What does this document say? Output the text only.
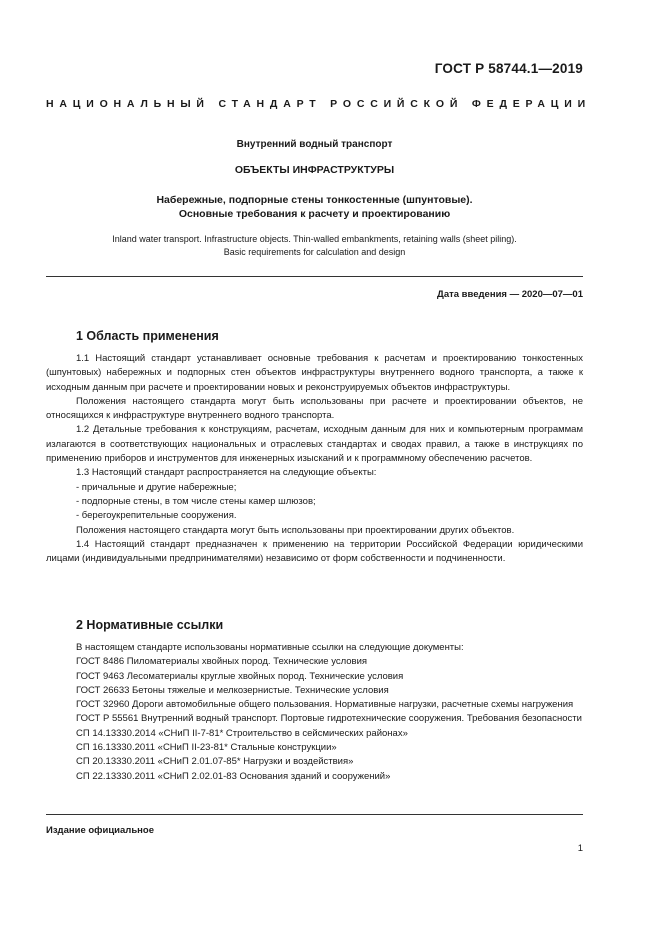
ГОСТ Р 58744.1—2019
НАЦИОНАЛЬНЫЙ СТАНДАРТ РОССИЙСКОЙ ФЕДЕРАЦИИ
Внутренний водный транспорт
ОБЪЕКТЫ ИНФРАСТРУКТУРЫ
Набережные, подпорные стены тонкостенные (шпунтовые).
Основные требования к расчету и проектированию
Inland water transport. Infrastructure objects. Thin-walled embankments, retaining walls (sheet piling).
Basic requirements for calculation and design
Дата введения — 2020—07—01
1 Область применения

1.1 Настоящий стандарт устанавливает основные требования к расчетам и проектированию тонкостенных (шпунтовых) набережных и подпорных стен объектов инфраструктуры внутреннего водного транспорта, а также к исходным данным при расчете и проектировании новых и реконструируемых объектов инфраструктуры.

Положения настоящего стандарта могут быть использованы при расчете и проектировании объектов, не относящихся к инфраструктуре внутреннего водного транспорта.

1.2 Детальные требования к конструкциям, расчетам, исходным данным для них и компьютерным программам излагаются в соответствующих национальных и отраслевых стандартах и сводах правил, а также в инструкциях по применению приборов и инструментов для инженерных изысканий и к программному обеспечению расчетов.

1.3 Настоящий стандарт распространяется на следующие объекты:

- причальные и другие набережные;

- подпорные стены, в том числе стены камер шлюзов;

- берегоукрепительные сооружения.

Положения настоящего стандарта могут быть использованы при проектировании других объектов.

1.4 Настоящий стандарт предназначен к применению на территории Российской Федерации юридическими лицами (индивидуальными предпринимателями) независимо от форм собственности и подчиненности.

2 Нормативные ссылки

В настоящем стандарте использованы нормативные ссылки на следующие документы:

ГОСТ 8486 Пиломатериалы хвойных пород. Технические условия

ГОСТ 9463 Лесоматериалы круглые хвойных пород. Технические условия

ГОСТ 26633 Бетоны тяжелые и мелкозернистые. Технические условия

ГОСТ 32960 Дороги автомобильные общего пользования. Нормативные нагрузки, расчетные схемы нагружения

ГОСТ Р 55561 Внутренний водный транспорт. Портовые гидротехнические сооружения. Требования безопасности

СП 14.13330.2014 «СНиП II-7-81* Строительство в сейсмических районах»

СП 16.13330.2011 «СНиП II-23-81* Стальные конструкции»

СП 20.13330.2011 «СНиП 2.01.07-85* Нагрузки и воздействия»

СП 22.13330.2011 «СНиП 2.02.01-83 Основания зданий и сооружений»

Издание официальное
1
